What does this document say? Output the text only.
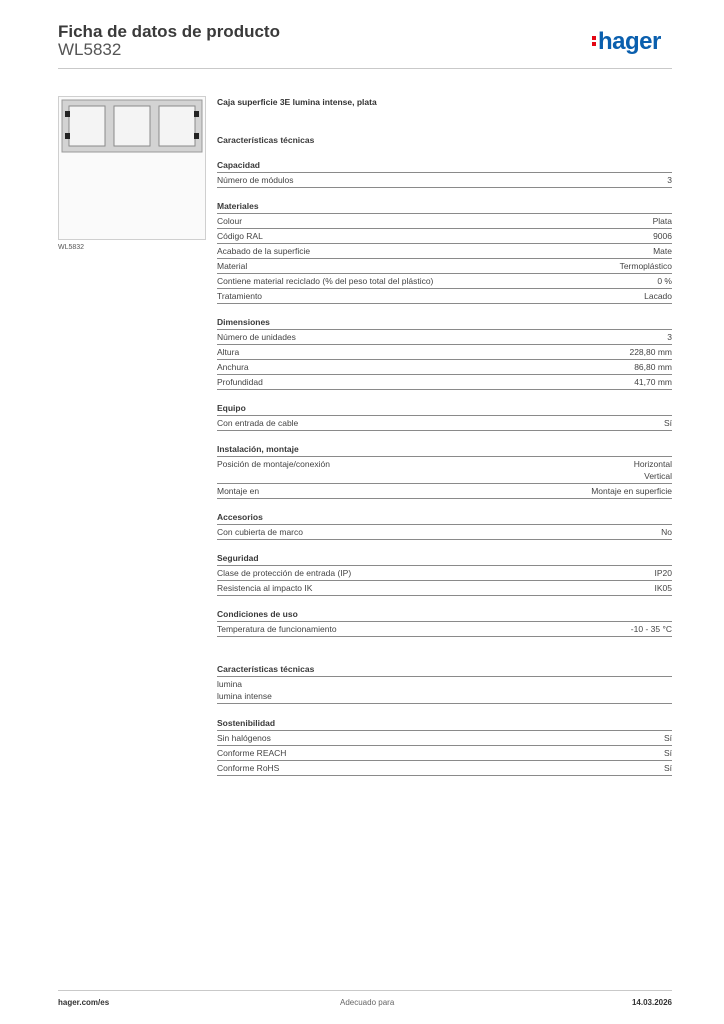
Ficha de datos de producto
WL5832	hager
WL5832
Caja superficie 3E lumina intense, plata
Características técnicas
Capacidad
Número de módulos	3
Materiales
Colour	Plata
Código RAL	9006
Acabado de la superficie	Mate
Material	Termoplástico
Contiene material reciclado (% del peso total del plástico)	0 %
Tratamiento	Lacado
Dimensiones
Número de unidades	3
Altura	228,80 mm
Anchura	86,80 mm
Profundidad	41,70 mm
Equipo
Con entrada de cable	Sí
Instalación, montaje
Posición de montaje/conexión	Horizontal
Vertical
Montaje en	Montaje en superficie
Accesorios
Con cubierta de marco	No
Seguridad
Clase de protección de entrada (IP)	IP20
Resistencia al impacto IK	IK05
Condiciones de uso
Temperatura de funcionamiento	-10 - 35 °C
Características técnicas
lumina
lumina intense
Sostenibilidad
Sin halógenos	Sí
Conforme REACH	Sí
Conforme RoHS	Sí
hager.com/es	Adecuado para	14.03.2026
